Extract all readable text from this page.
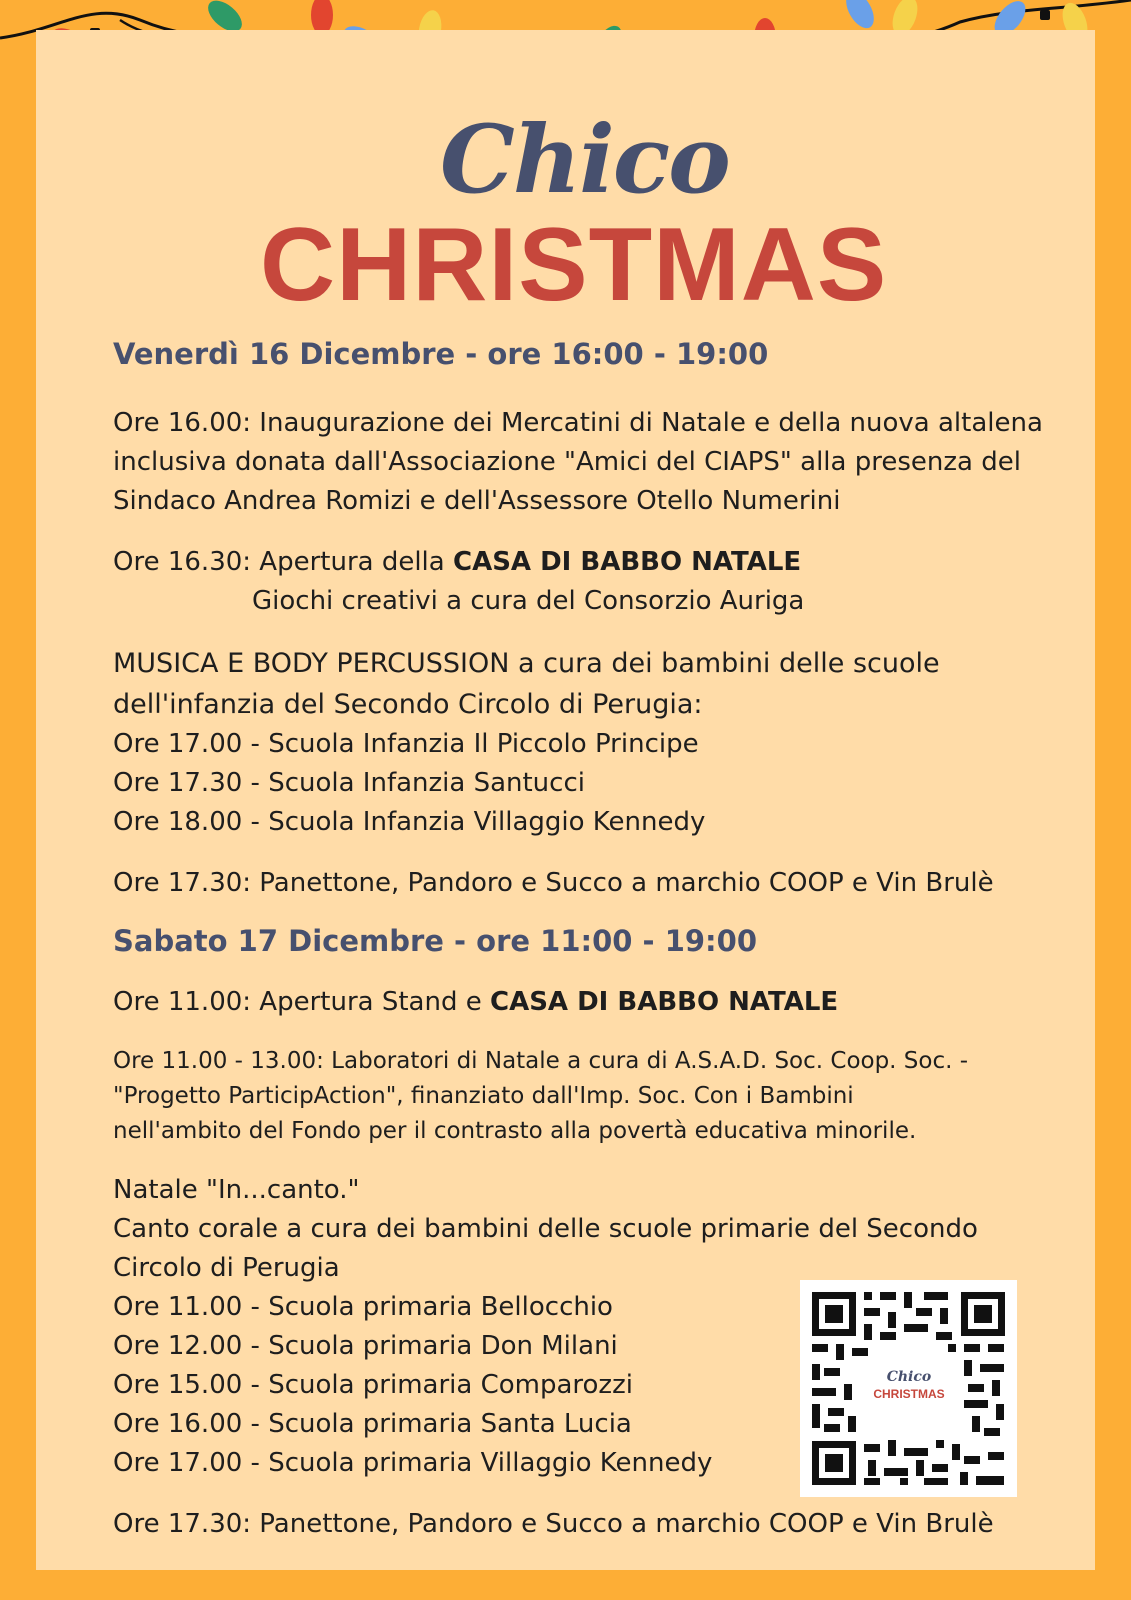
Chico
CHRISTMAS
Venerdì 16 Dicembre - ore 16:00 - 19:00

Ore 16.00: Inaugurazione dei Mercatini di Natale e della nuova altalena

inclusiva donata dall'Associazione "Amici del CIAPS" alla presenza del

Sindaco Andrea Romizi e dell'Assessore Otello Numerini

Ore 16.30: Apertura della CASA DI BABBO NATALE

Giochi creativi a cura del Consorzio Auriga

MUSICA E BODY PERCUSSION a cura dei bambini delle scuole

dell'infanzia del Secondo Circolo di Perugia:

Ore 17.00 - Scuola Infanzia Il Piccolo Principe

Ore 17.30 - Scuola Infanzia Santucci

Ore 18.00 - Scuola Infanzia Villaggio Kennedy

Ore 17.30: Panettone, Pandoro e Succo a marchio COOP e Vin Brulè

Sabato 17 Dicembre - ore 11:00 - 19:00

Ore 11.00: Apertura Stand e CASA DI BABBO NATALE

Ore 11.00 - 13.00: Laboratori di Natale a cura di A.S.A.D. Soc. Coop. Soc. -

"Progetto ParticipAction", finanziato dall'Imp. Soc. Con i Bambini

nell'ambito del Fondo per il contrasto alla povertà educativa minorile.

Natale "In...canto."

Canto corale a cura dei bambini delle scuole primarie del Secondo

Circolo di Perugia

Ore 11.00 - Scuola primaria Bellocchio

Ore 12.00 - Scuola primaria Don Milani

Ore 15.00 - Scuola primaria Comparozzi

Ore 16.00 - Scuola primaria Santa Lucia

Ore 17.00 - Scuola primaria Villaggio Kennedy

Ore 17.30: Panettone, Pandoro e Succo a marchio COOP e Vin Brulè

Chico
CHRISTMAS
